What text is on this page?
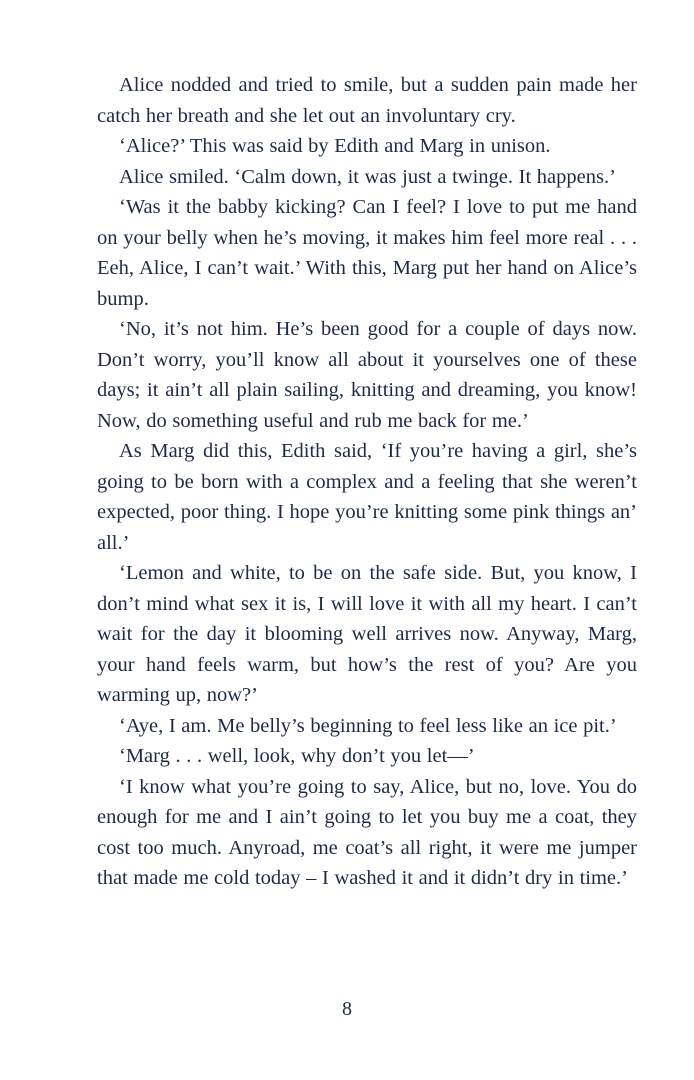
Alice nodded and tried to smile, but a sudden pain made her catch her breath and she let out an involuntary cry.

‘Alice?’ This was said by Edith and Marg in unison.

Alice smiled. ‘Calm down, it was just a twinge. It happens.’

‘Was it the babby kicking? Can I feel? I love to put me hand on your belly when he’s moving, it makes him feel more real . . . Eeh, Alice, I can’t wait.’ With this, Marg put her hand on Alice’s bump.

‘No, it’s not him. He’s been good for a couple of days now. Don’t worry, you’ll know all about it yourselves one of these days; it ain’t all plain sailing, knitting and dreaming, you know! Now, do something useful and rub me back for me.’

As Marg did this, Edith said, ‘If you’re having a girl, she’s going to be born with a complex and a feeling that she weren’t expected, poor thing. I hope you’re knitting some pink things an’ all.’

‘Lemon and white, to be on the safe side. But, you know, I don’t mind what sex it is, I will love it with all my heart. I can’t wait for the day it blooming well arrives now. Anyway, Marg, your hand feels warm, but how’s the rest of you? Are you warming up, now?’

‘Aye, I am. Me belly’s beginning to feel less like an ice pit.’

‘Marg . . . well, look, why don’t you let—’

‘I know what you’re going to say, Alice, but no, love. You do enough for me and I ain’t going to let you buy me a coat, they cost too much. Anyroad, me coat’s all right, it were me jumper that made me cold today – I washed it and it didn’t dry in time.’

8
